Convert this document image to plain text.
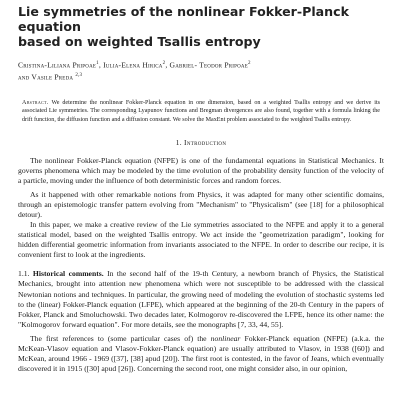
Lie symmetries of the nonlinear Fokker-Planck equation
based on weighted Tsallis entropy
Cristina-Liliana Pripoae$^1$, Iulia-Elena Hirica$^2$, Gabriel- Teodor Pripoae$^2$
and Vasile Preda $^{2,3}$
Abstract. We determine the nonlinear Fokker-Planck equation in one dimension, based on a weighted Tsallis entropy and we derive its associated Lie symmetries. The corresponding Lyapunov functions and Bregman divergences are also found, together with a formula linking the drift function, the diffusion function and a diffusion constant. We solve the MaxEnt problem associated to the weighted Tsallis entropy.
1. Introduction

The nonlinear Fokker-Planck equation (NFPE) is one of the fundamental equations in Statistical Mechanics. It governs phenomena which may be modeled by the time evolution of the probability density function of the velocity of a particle, moving under the influence of both deterministic forces and random forces.

As it happened with other remarkable notions from Physics, it was adapted for many other scientific domains, through an epistemologic transfer pattern evolving from "Mechanism" to "Physicalism" (see [18] for a philosophical detour).

In this paper, we make a creative review of the Lie symmetries associated to the NFPE and apply it to a general statistical model, based on the weighted Tsallis entropy. We act inside the "geometrization paradigm", looking for hidden differential geometric information from invariants associated to the NFPE. In order to describe our recipe, it is convenient first to look at the ingredients.

1.1. Historical comments. In the second half of the 19-th Century, a newborn branch of Physics, the Statistical Mechanics, brought into attention new phenomena which were not susceptible to be addressed with the classical Newtonian notions and techniques. In particular, the growing need of modeling the evolution of stochastic systems led to the (linear) Fokker-Planck equation (LFPE), which appeared at the beginning of the 20-th Century in the papers of Fokker, Planck and Smoluchowski. Two decades later, Kolmogorov re-discovered the LFPE, hence its other name: the "Kolmogorov forward equation". For more details, see the monographs [7, 33, 44, 55].

The first references to (some particular cases of) the nonlinear Fokker-Planck equation (NFPE) (a.k.a. the McKean-Vlasov equation and Vlasov-Fokker-Planck equation) are usually attributed to Vlasov, in 1938 ([60]) and McKean, around 1966 - 1969 ([37], [38] apud [20]). The first root is contested, in the favor of Jeans, which eventually discovered it in 1915 ([30] apud [26]). Concerning the second root, one might consider also, in our opinion,
